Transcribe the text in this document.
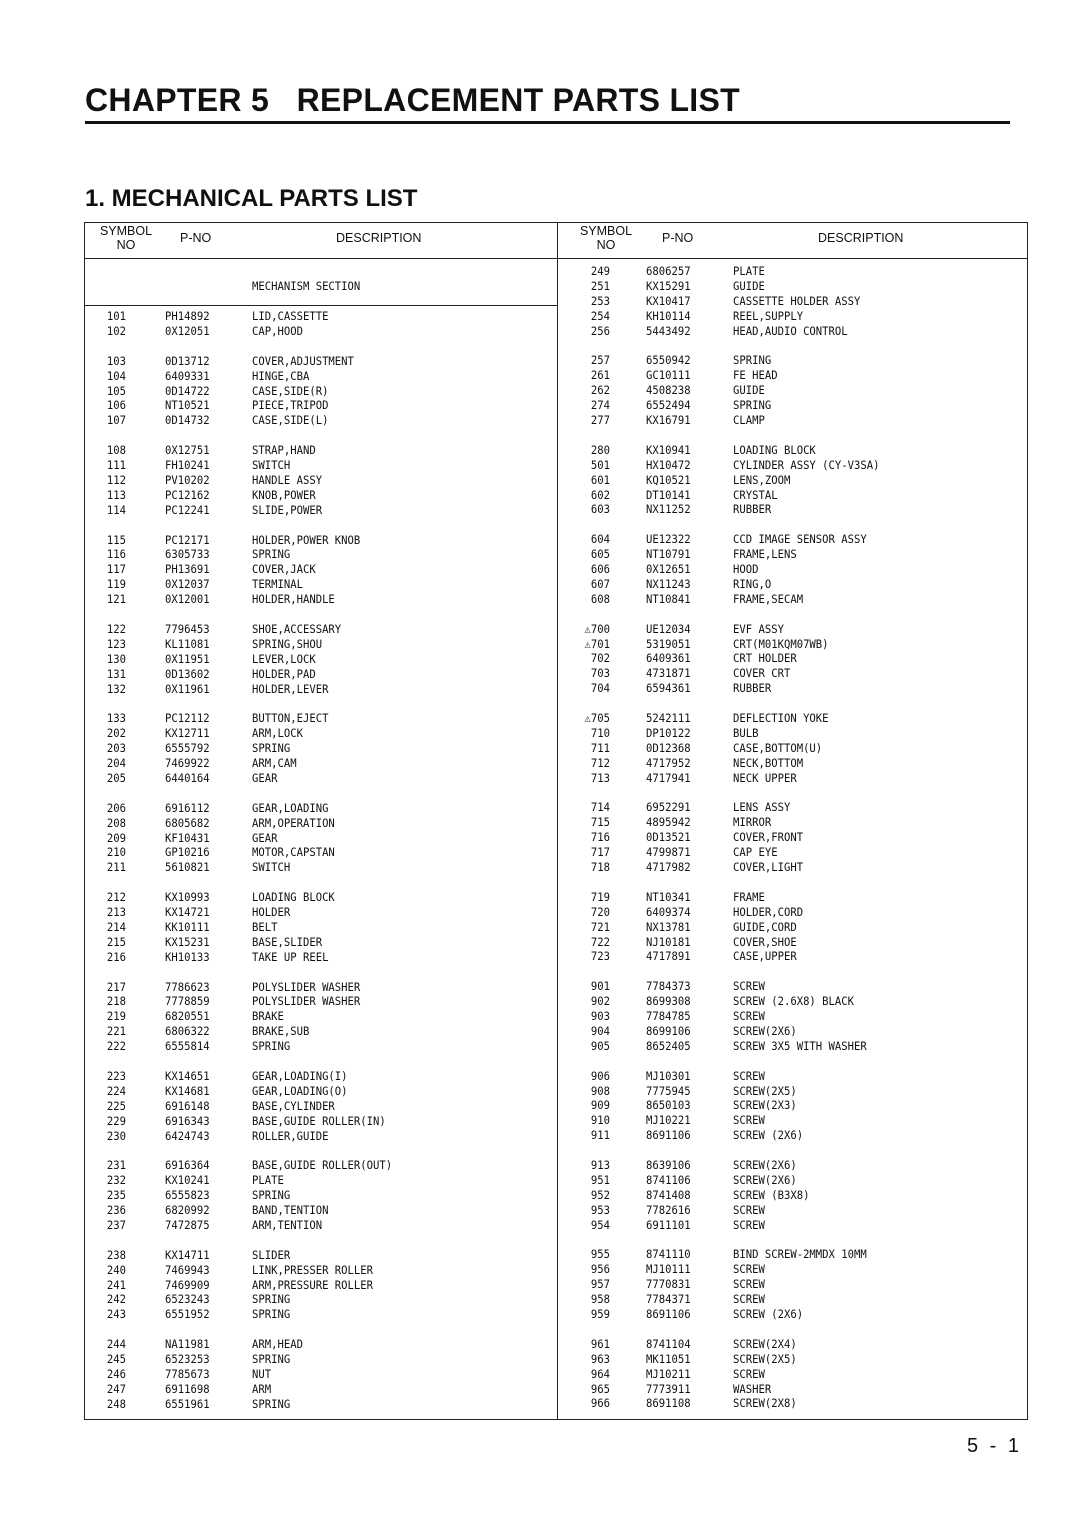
CHAPTER 5   REPLACEMENT PARTS LIST
1. MECHANICAL PARTS LIST
SYMBOL
NO	P-NO	DESCRIPTION	SYMBOL
NO	P-NO	DESCRIPTION
MECHANISM SECTION
101	PH14892	LID,CASSETTE
102	0X12051	CAP,HOOD
103	0D13712	COVER,ADJUSTMENT
104	6409331	HINGE,CBA
105	0D14722	CASE,SIDE(R)
106	NT10521	PIECE,TRIPOD
107	0D14732	CASE,SIDE(L)
108	0X12751	STRAP,HAND
111	FH10241	SWITCH
112	PV10202	HANDLE ASSY
113	PC12162	KNOB,POWER
114	PC12241	SLIDE,POWER
115	PC12171	HOLDER,POWER KNOB
116	6305733	SPRING
117	PH13691	COVER,JACK
119	0X12037	TERMINAL
121	0X12001	HOLDER,HANDLE
122	7796453	SHOE,ACCESSARY
123	KL11081	SPRING,SHOU
130	0X11951	LEVER,LOCK
131	0D13602	HOLDER,PAD
132	0X11961	HOLDER,LEVER
133	PC12112	BUTTON,EJECT
202	KX12711	ARM,LOCK
203	6555792	SPRING
204	7469922	ARM,CAM
205	6440164	GEAR
206	6916112	GEAR,LOADING
208	6805682	ARM,OPERATION
209	KF10431	GEAR
210	GP10216	MOTOR,CAPSTAN
211	5610821	SWITCH
212	KX10993	LOADING BLOCK
213	KX14721	HOLDER
214	KK10111	BELT
215	KX15231	BASE,SLIDER
216	KH10133	TAKE UP REEL
217	7786623	POLYSLIDER WASHER
218	7778859	POLYSLIDER WASHER
219	6820551	BRAKE
221	6806322	BRAKE,SUB
222	6555814	SPRING
223	KX14651	GEAR,LOADING(I)
224	KX14681	GEAR,LOADING(O)
225	6916148	BASE,CYLINDER
229	6916343	BASE,GUIDE ROLLER(IN)
230	6424743	ROLLER,GUIDE
231	6916364	BASE,GUIDE ROLLER(OUT)
232	KX10241	PLATE
235	6555823	SPRING
236	6820992	BAND,TENTION
237	7472875	ARM,TENTION
238	KX14711	SLIDER
240	7469943	LINK,PRESSER ROLLER
241	7469909	ARM,PRESSURE ROLLER
242	6523243	SPRING
243	6551952	SPRING
244	NA11981	ARM,HEAD
245	6523253	SPRING
246	7785673	NUT
247	6911698	ARM
248	6551961	SPRING
249	6806257	PLATE
251	KX15291	GUIDE
253	KX10417	CASSETTE HOLDER ASSY
254	KH10114	REEL,SUPPLY
256	5443492	HEAD,AUDIO CONTROL
257	6550942	SPRING
261	GC10111	FE HEAD
262	4508238	GUIDE
274	6552494	SPRING
277	KX16791	CLAMP
280	KX10941	LOADING BLOCK
501	HX10472	CYLINDER ASSY (CY-V3SA)
601	KQ10521	LENS,ZOOM
602	DT10141	CRYSTAL
603	NX11252	RUBBER
604	UE12322	CCD IMAGE SENSOR ASSY
605	NT10791	FRAME,LENS
606	0X12651	HOOD
607	NX11243	RING,O
608	NT10841	FRAME,SECAM
⚠700	UE12034	EVF ASSY
⚠701	5319051	CRT(M01KQM07WB)
702	6409361	CRT HOLDER
703	4731871	COVER CRT
704	6594361	RUBBER
⚠705	5242111	DEFLECTION YOKE
710	DP10122	BULB
711	0D12368	CASE,BOTTOM(U)
712	4717952	NECK,BOTTOM
713	4717941	NECK UPPER
714	6952291	LENS ASSY
715	4895942	MIRROR
716	0D13521	COVER,FRONT
717	4799871	CAP EYE
718	4717982	COVER,LIGHT
719	NT10341	FRAME
720	6409374	HOLDER,CORD
721	NX13781	GUIDE,CORD
722	NJ10181	COVER,SHOE
723	4717891	CASE,UPPER
901	7784373	SCREW
902	8699308	SCREW (2.6X8) BLACK
903	7784785	SCREW
904	8699106	SCREW(2X6)
905	8652405	SCREW 3X5 WITH WASHER
906	MJ10301	SCREW
908	7775945	SCREW(2X5)
909	8650103	SCREW(2X3)
910	MJ10221	SCREW
911	8691106	SCREW (2X6)
913	8639106	SCREW(2X6)
951	8741106	SCREW(2X6)
952	8741408	SCREW (B3X8)
953	7782616	SCREW
954	6911101	SCREW
955	8741110	BIND SCREW-2MMDX 10MM
956	MJ10111	SCREW
957	7770831	SCREW
958	7784371	SCREW
959	8691106	SCREW (2X6)
961	8741104	SCREW(2X4)
963	MK11051	SCREW(2X5)
964	MJ10211	SCREW
965	7773911	WASHER
966	8691108	SCREW(2X8)
5 - 1
